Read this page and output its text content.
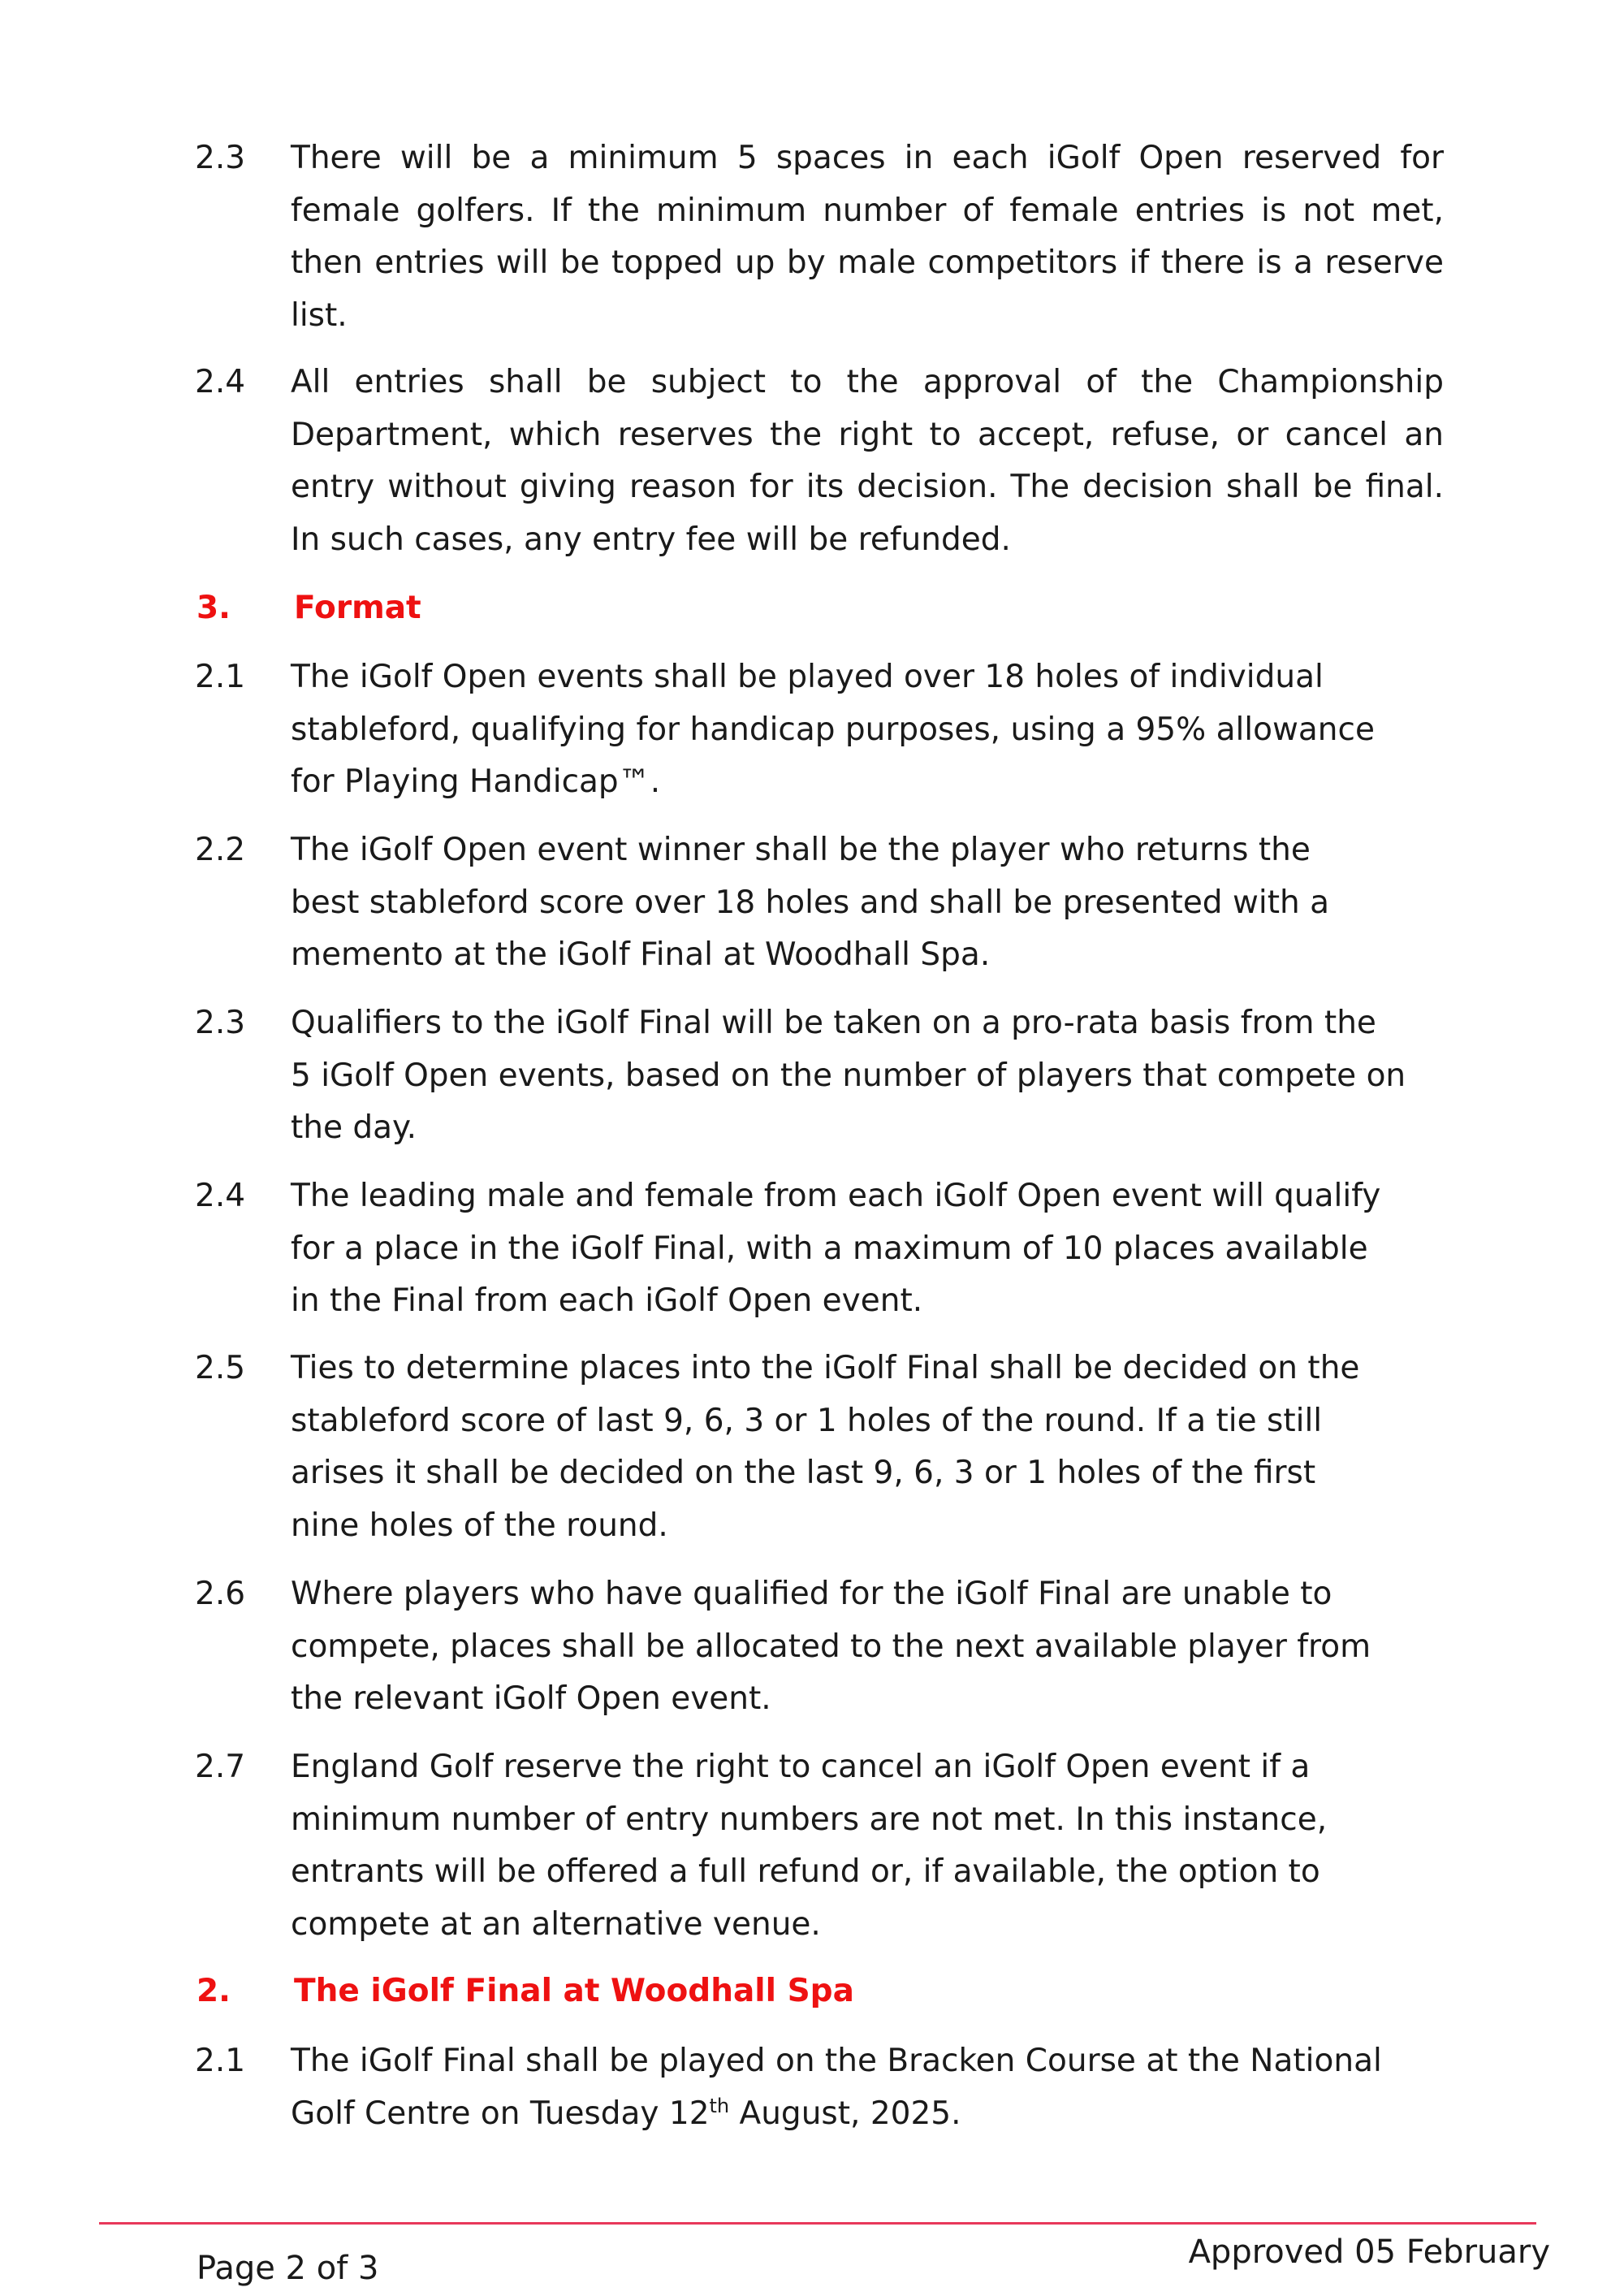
2.3 There will be a minimum 5 spaces in each iGolf Open reserved for
female golfers. If the minimum number of female entries is not met,
then entries will be topped up by male competitors if there is a reserve
list.
2.4 All entries shall be subject to the approval of the Championship
Department, which reserves the right to accept, refuse, or cancel an
entry without giving reason for its decision. The decision shall be final.
In such cases, any entry fee will be refunded.
2.1 The iGolf Open events shall be played over 18 holes of individual
stableford, qualifying for handicap purposes, using a 95% allowance
for Playing Handicap™.
2.2 The iGolf Open event winner shall be the player who returns the
best stableford score over 18 holes and shall be presented with a
memento at the iGolf Final at Woodhall Spa.
2.3 Qualifiers to the iGolf Final will be taken on a pro-rata basis from the
5 iGolf Open events, based on the number of players that compete on
the day.
2.4 The leading male and female from each iGolf Open event will qualify
for a place in the iGolf Final, with a maximum of 10 places available
in the Final from each iGolf Open event.
2.5 Ties to determine places into the iGolf Final shall be decided on the
stableford score of last 9, 6, 3 or 1 holes of the round. If a tie still
arises it shall be decided on the last 9, 6, 3 or 1 holes of the first
nine holes of the round.
2.6 Where players who have qualified for the iGolf Final are unable to
compete, places shall be allocated to the next available player from
the relevant iGolf Open event.
2.7 England Golf reserve the right to cancel an iGolf Open event if a
minimum number of entry numbers are not met. In this instance,
entrants will be offered a full refund or, if available, the option to
compete at an alternative venue.
3. Format
2. The iGolf Final at Woodhall Spa
2.1 The iGolf Final shall be played on the Bracken Course at the National
Golf Centre on Tuesday 12th August, 2025.
Page 2 of 3	Approved 05 February
